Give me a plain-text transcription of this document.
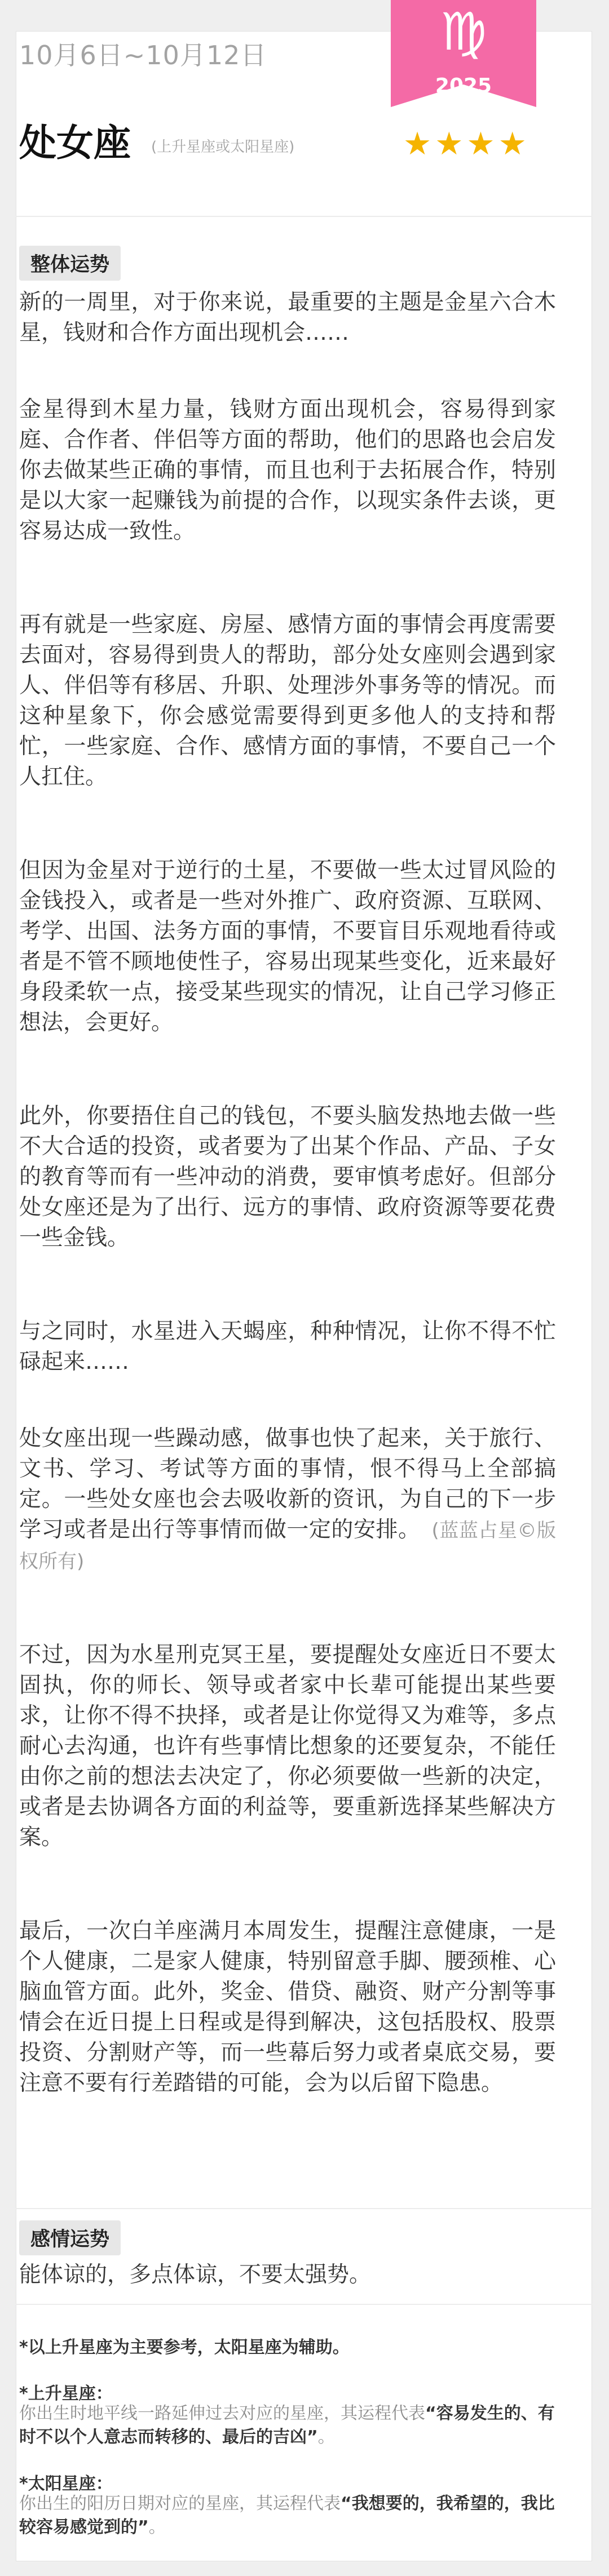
10月6日~10月12日	♍
2025
处女座 (上升星座或太阳星座)	★★★★
整体运势

新的一周里，对于你来说，最重要的主题是金星六合木星，钱财和合作方面出现机会……

金星得到木星力量，钱财方面出现机会，容易得到家庭、合作者、伴侣等方面的帮助，他们的思路也会启发你去做某些正确的事情，而且也利于去拓展合作，特别是以大家一起赚钱为前提的合作，以现实条件去谈，更容易达成一致性。

再有就是一些家庭、房屋、感情方面的事情会再度需要去面对，容易得到贵人的帮助，部分处女座则会遇到家人、伴侣等有移居、升职、处理涉外事务等的情况。而这种星象下，你会感觉需要得到更多他人的支持和帮忙，一些家庭、合作、感情方面的事情，不要自己一个人扛住。

但因为金星对于逆行的土星，不要做一些太过冒风险的金钱投入，或者是一些对外推广、政府资源、互联网、考学、出国、法务方面的事情，不要盲目乐观地看待或者是不管不顾地使性子，容易出现某些变化，近来最好身段柔软一点，接受某些现实的情况，让自己学习修正想法，会更好。

此外，你要捂住自己的钱包，不要头脑发热地去做一些不大合适的投资，或者要为了出某个作品、产品、子女的教育等而有一些冲动的消费，要审慎考虑好。但部分处女座还是为了出行、远方的事情、政府资源等要花费一些金钱。

与之同时，水星进入天蝎座，种种情况，让你不得不忙碌起来……

处女座出现一些躁动感，做事也快了起来，关于旅行、文书、学习、考试等方面的事情，恨不得马上全部搞定。一些处女座也会去吸收新的资讯，为自己的下一步学习或者是出行等事情而做一定的安排。 (蓝蓝占星©版权所有)

不过，因为水星刑克冥王星，要提醒处女座近日不要太固执，你的师长、领导或者家中长辈可能提出某些要求，让你不得不抉择，或者是让你觉得又为难等，多点耐心去沟通，也许有些事情比想象的还要复杂，不能任由你之前的想法去决定了，你必须要做一些新的决定，或者是去协调各方面的利益等，要重新选择某些解决方案。

最后，一次白羊座满月本周发生，提醒注意健康，一是个人健康，二是家人健康，特别留意手脚、腰颈椎、心脑血管方面。此外，奖金、借贷、融资、财产分割等事情会在近日提上日程或是得到解决，这包括股权、股票投资、分割财产等，而一些幕后努力或者桌底交易，要注意不要有行差踏错的可能，会为以后留下隐患。

感情运势

能体谅的，多点体谅，不要太强势。

*以上升星座为主要参考，太阳星座为辅助。
*上升星座：
你出生时地平线一路延伸过去对应的星座，其运程代表“容易发生的、有时不以个人意志而转移的、最后的吉凶”。
*太阳星座：
你出生的阳历日期对应的星座，其运程代表“我想要的，我希望的，我比较容易感觉到的”。
